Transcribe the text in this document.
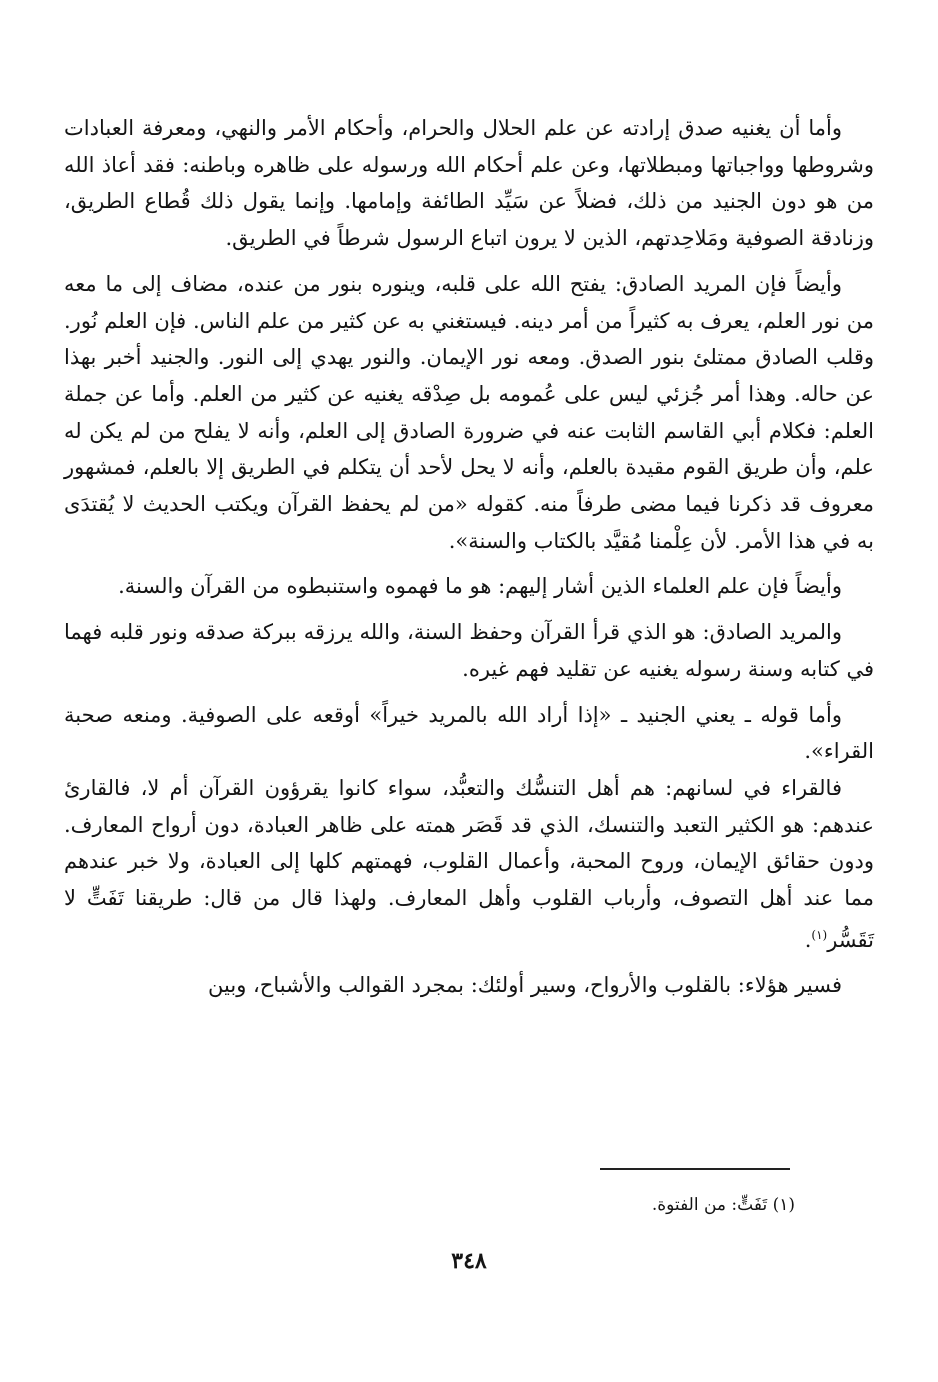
وأما أن يغنيه صدق إرادته عن علم الحلال والحرام، وأحكام الأمر والنهي، ومعرفة العبادات وشروطها وواجباتها ومبطلاتها، وعن علم أحكام الله ورسوله على ظاهره وباطنه: فقد أعاذ الله من هو دون الجنيد من ذلك، فضلاً عن سَيِّد الطائفة وإمامها. وإنما يقول ذلك قُطاع الطريق، وزنادقة الصوفية ومَلاحِدتهم، الذين لا يرون اتباع الرسول شرطاً في الطريق.

وأيضاً فإن المريد الصادق: يفتح الله على قلبه، وينوره بنور من عنده، مضاف إلى ما معه من نور العلم، يعرف به كثيراً من أمر دينه. فيستغني به عن كثير من علم الناس. فإن العلم نُور. وقلب الصادق ممتلئ بنور الصدق. ومعه نور الإيمان. والنور يهدي إلى النور. والجنيد أخبر بهذا عن حاله. وهذا أمر جُزئي ليس على عُمومه بل صِدْقه يغنيه عن كثير من العلم. وأما عن جملة العلم: فكلام أبي القاسم الثابت عنه في ضرورة الصادق إلى العلم، وأنه لا يفلح من لم يكن له علم، وأن طريق القوم مقيدة بالعلم، وأنه لا يحل لأحد أن يتكلم في الطريق إلا بالعلم، فمشهور معروف قد ذكرنا فيما مضى طرفاً منه. كقوله «من لم يحفظ القرآن ويكتب الحديث لا يُقتدَى به في هذا الأمر. لأن عِلْمنا مُقيَّد بالكتاب والسنة».

وأيضاً فإن علم العلماء الذين أشار إليهم: هو ما فهموه واستنبطوه من القرآن والسنة.

والمريد الصادق: هو الذي قرأ القرآن وحفظ السنة، والله يرزقه ببركة صدقه ونور قلبه فهما في كتابه وسنة رسوله يغنيه عن تقليد فهم غيره.

وأما قوله ـ يعني الجنيد ـ «إذا أراد الله بالمريد خيراً» أوقعه على الصوفية. ومنعه صحبة القراء».

فالقراء في لسانهم: هم أهل التنسُّك والتعبُّد، سواء كانوا يقرؤون القرآن أم لا، فالقارئ عندهم: هو الكثير التعبد والتنسك، الذي قد قَصَر همته على ظاهر العبادة، دون أرواح المعارف. ودون حقائق الإيمان، وروح المحبة، وأعمال القلوب، فهمتهم كلها إلى العبادة، ولا خبر عندهم مما عند أهل التصوف، وأرباب القلوب وأهل المعارف. ولهذا قال من قال: طريقنا تَفَتٍّ لا تَقَسُّر$^{(١)}$.

فسير هؤلاء: بالقلوب والأرواح، وسير أولئك: بمجرد القوالب والأشباح، وبين

(١) تَفَتٍّ: من الفتوة.
٣٤٨
